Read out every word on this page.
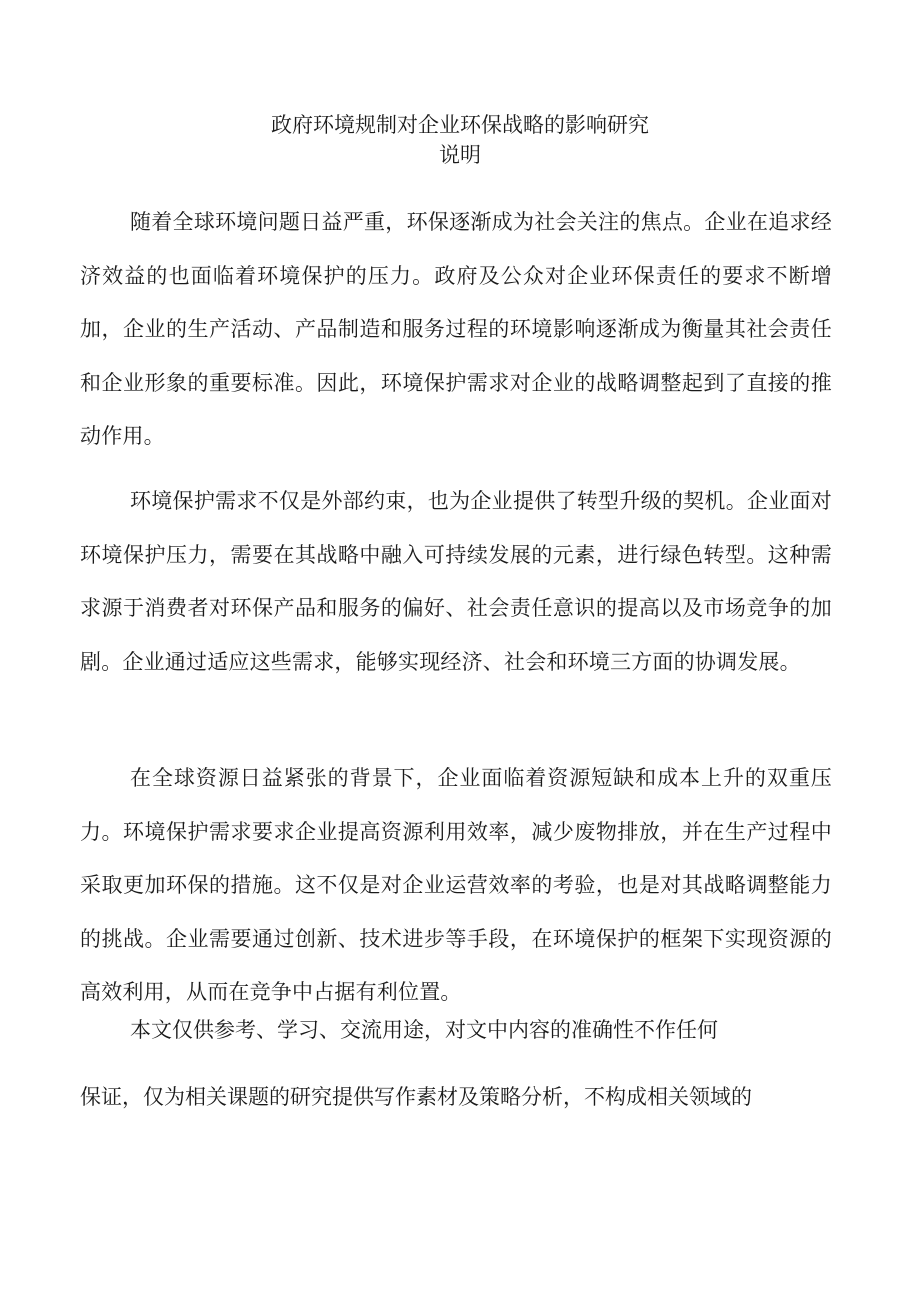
政府环境规制对企业环保战略的影响研究
说明

随着全球环境问题日益严重，环保逐渐成为社会关注的焦点。企业在追求经济效益的也面临着环境保护的压力。政府及公众对企业环保责任的要求不断增加，企业的生产活动、产品制造和服务过程的环境影响逐渐成为衡量其社会责任和企业形象的重要标准。因此，环境保护需求对企业的战略调整起到了直接的推动作用。

环境保护需求不仅是外部约束，也为企业提供了转型升级的契机。企业面对环境保护压力，需要在其战略中融入可持续发展的元素，进行绿色转型。这种需求源于消费者对环保产品和服务的偏好、社会责任意识的提高以及市场竞争的加剧。企业通过适应这些需求，能够实现经济、社会和环境三方面的协调发展。

在全球资源日益紧张的背景下，企业面临着资源短缺和成本上升的双重压力。环境保护需求要求企业提高资源利用效率，减少废物排放，并在生产过程中采取更加环保的措施。这不仅是对企业运营效率的考验，也是对其战略调整能力的挑战。企业需要通过创新、技术进步等手段，在环境保护的框架下实现资源的高效利用，从而在竞争中占据有利位置。

本文仅供参考、学习、交流用途，对文中内容的准确性不作任何
保证，仅为相关课题的研究提供写作素材及策略分析，不构成相关领域的
